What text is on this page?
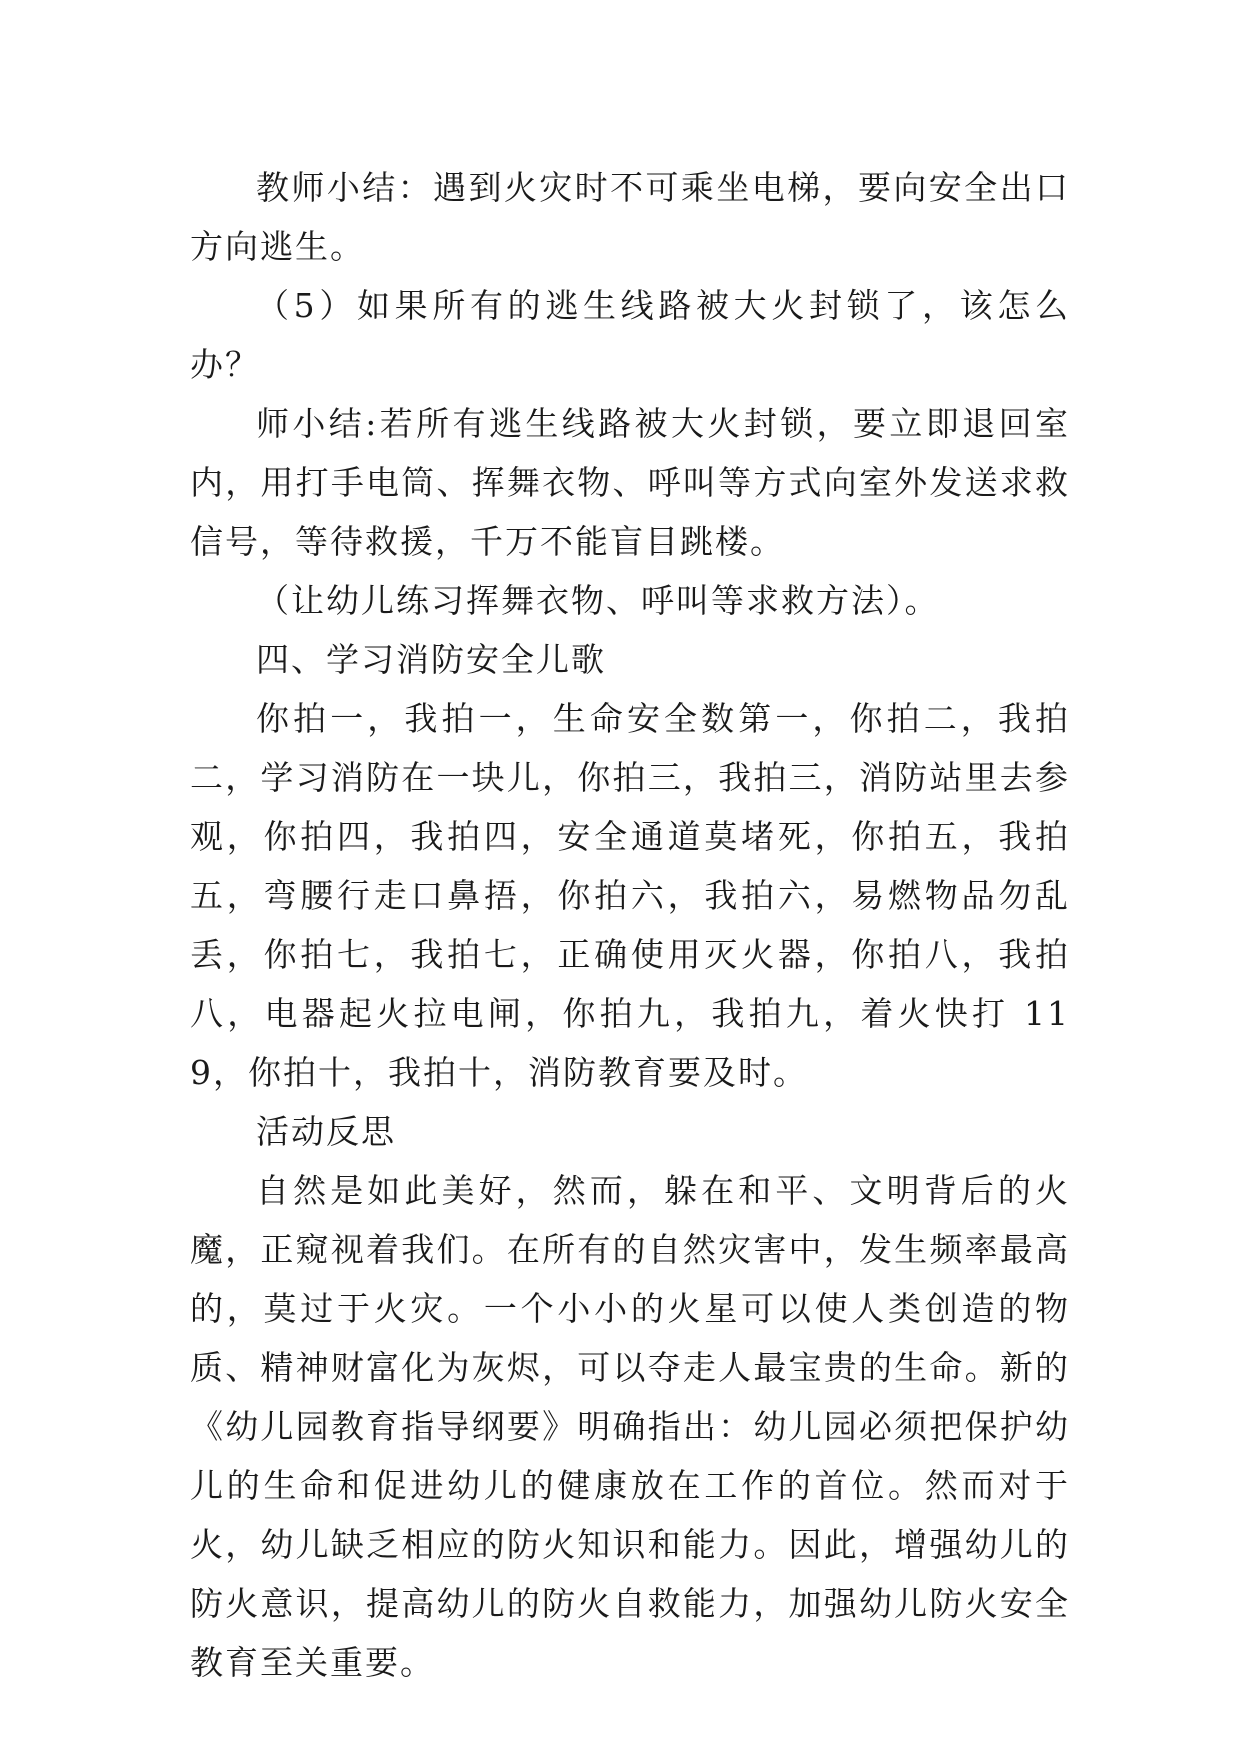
教师小结：遇到火灾时不可乘坐电梯，要向安全出口方向逃生。

（5）如果所有的逃生线路被大火封锁了，该怎么办？

师小结:若所有逃生线路被大火封锁，要立即退回室内，用打手电筒、挥舞衣物、呼叫等方式向室外发送求救信号，等待救援，千万不能盲目跳楼。

（让幼儿练习挥舞衣物、呼叫等求救方法）。

四、学习消防安全儿歌

你拍一，我拍一，生命安全数第一，你拍二，我拍二，学习消防在一块儿，你拍三，我拍三，消防站里去参观，你拍四，我拍四，安全通道莫堵死，你拍五，我拍五，弯腰行走口鼻捂，你拍六，我拍六，易燃物品勿乱丢，你拍七，我拍七，正确使用灭火器，你拍八，我拍八，电器起火拉电闸，你拍九，我拍九，着火快打 119，你拍十，我拍十，消防教育要及时。

活动反思

自然是如此美好，然而，躲在和平、文明背后的火魔，正窥视着我们。在所有的自然灾害中，发生频率最高的，莫过于火灾。一个小小的火星可以使人类创造的物质、精神财富化为灰烬，可以夺走人最宝贵的生命。新的《幼儿园教育指导纲要》明确指出：幼儿园必须把保护幼儿的生命和促进幼儿的健康放在工作的首位。然而对于火，幼儿缺乏相应的防火知识和能力。因此，增强幼儿的防火意识，提高幼儿的防火自救能力，加强幼儿防火安全教育至关重要。
